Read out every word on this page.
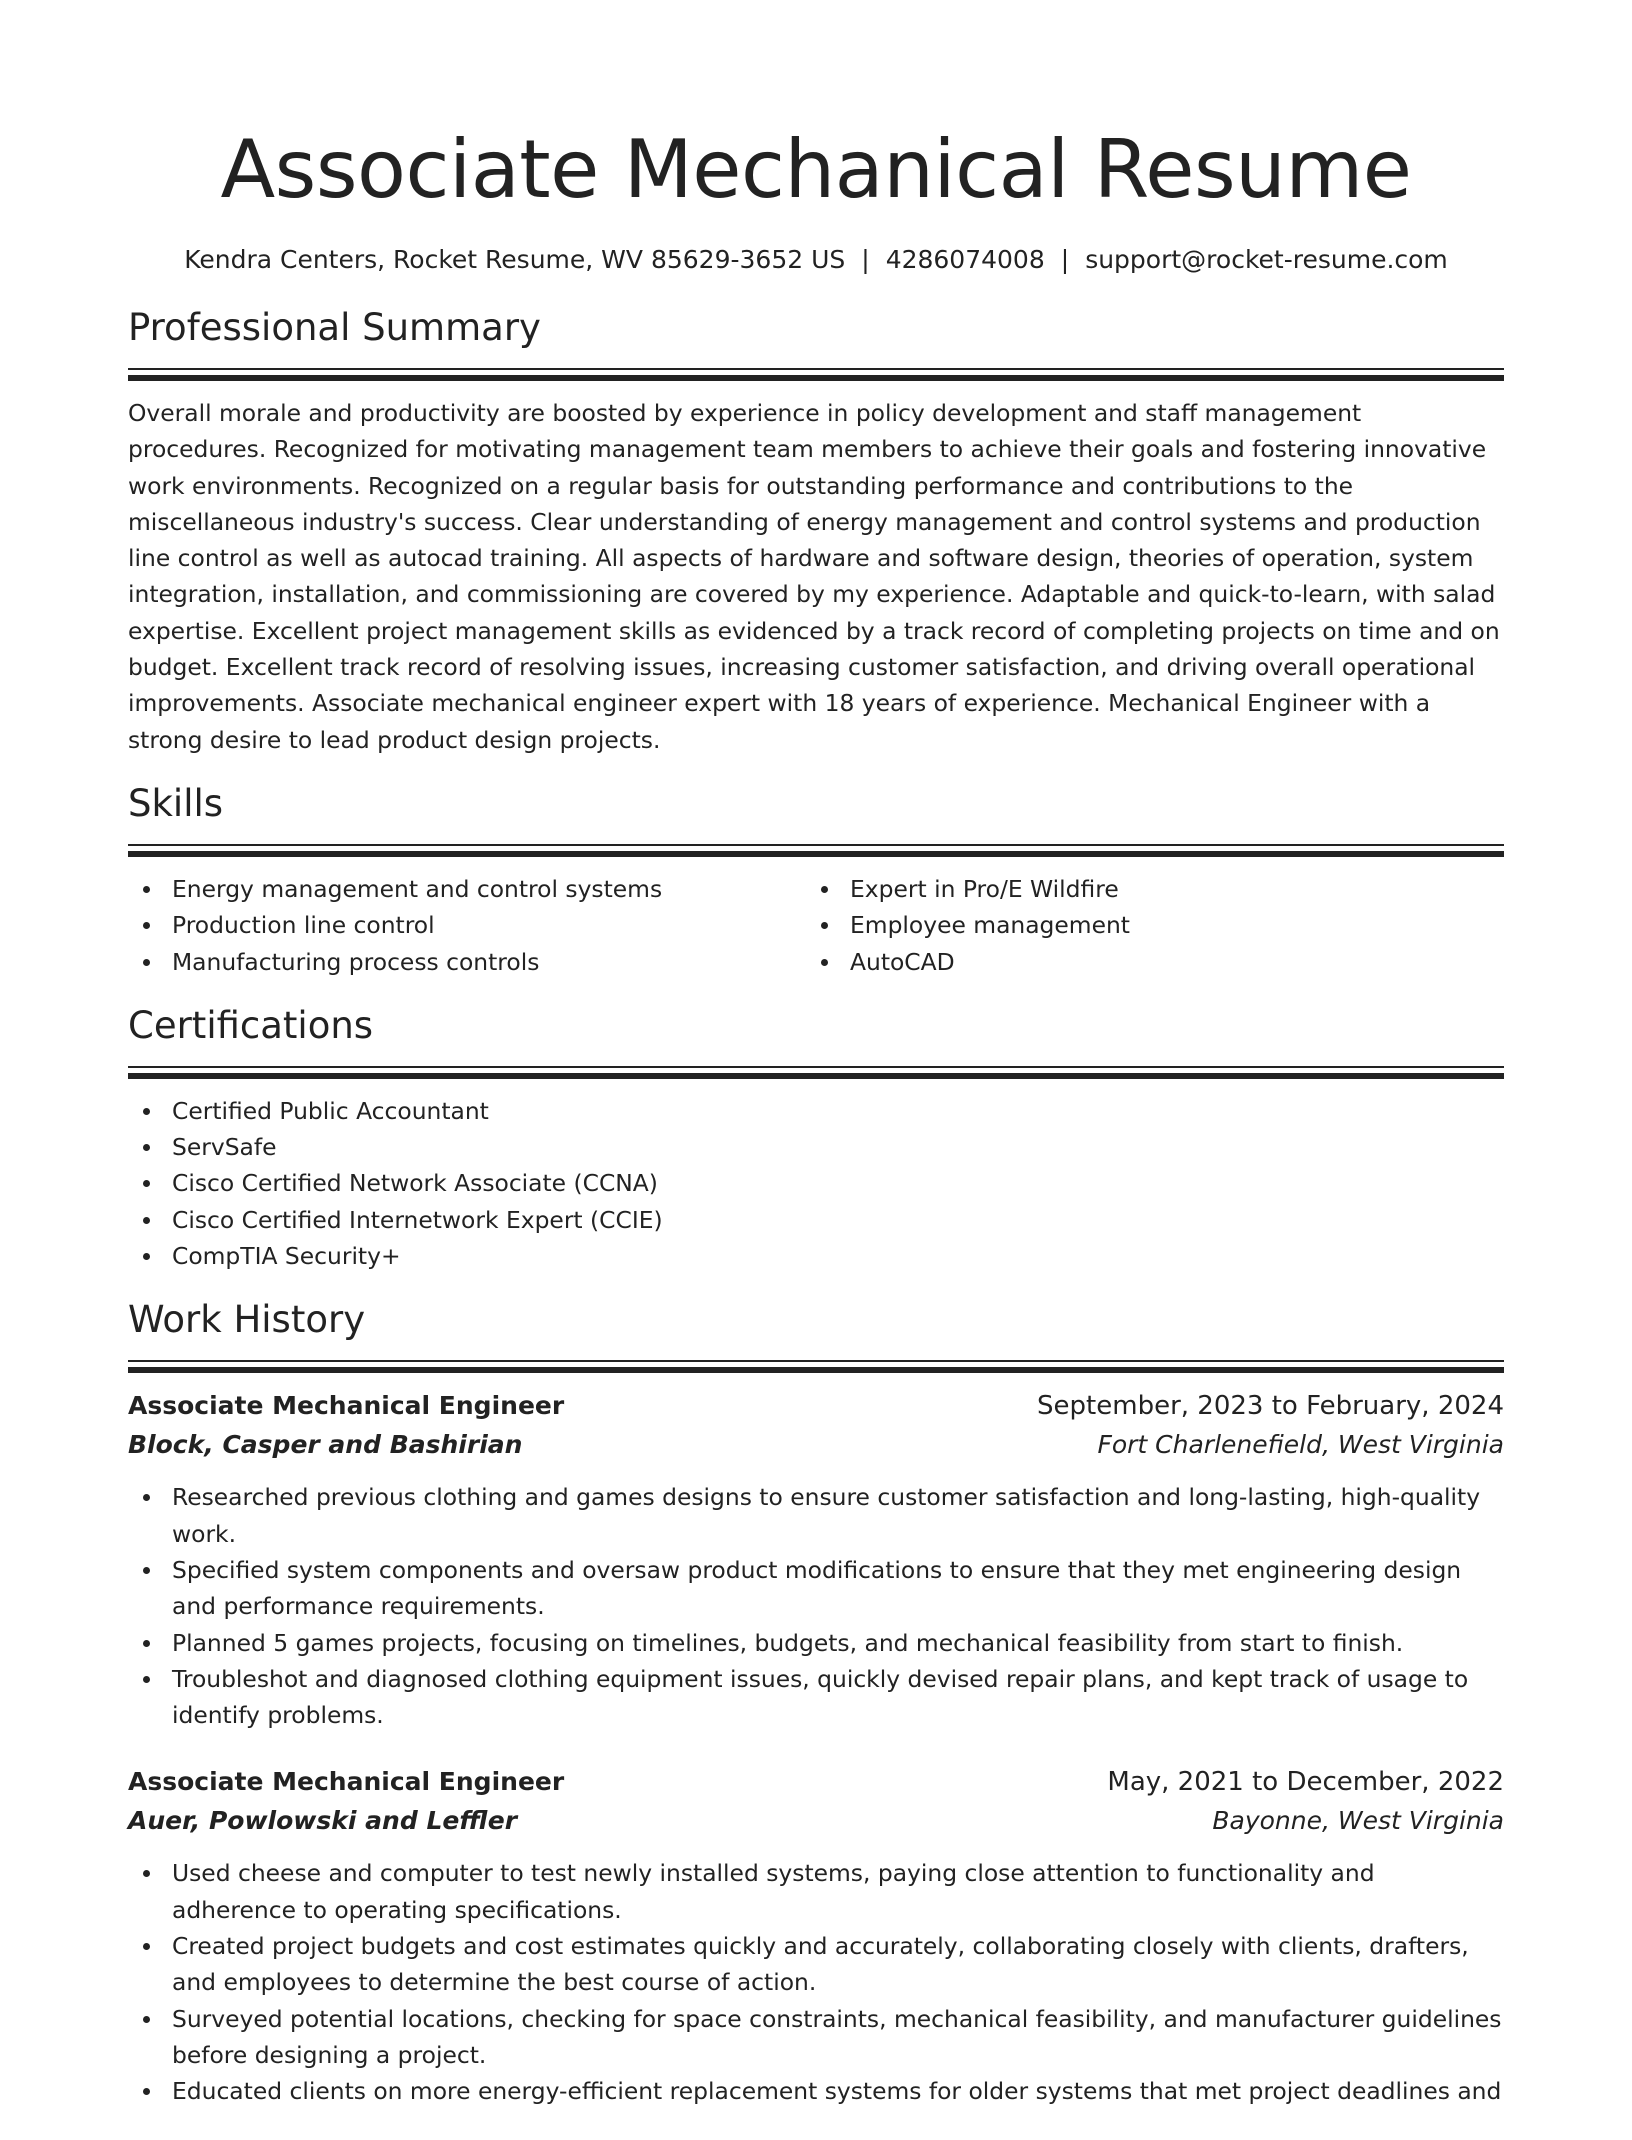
Associate Mechanical Resume
Kendra Centers, Rocket Resume, WV 85629-3652 US | 4286074008 | support@rocket-resume.com
Professional Summary

Overall morale and productivity are boosted by experience in policy development and staff management procedures. Recognized for motivating management team members to achieve their goals and fostering innovative work environments. Recognized on a regular basis for outstanding performance and contributions to the miscellaneous industry's success. Clear understanding of energy management and control systems and production line control as well as autocad training. All aspects of hardware and software design, theories of operation, system integration, installation, and commissioning are covered by my experience. Adaptable and quick-to-learn, with salad expertise. Excellent project management skills as evidenced by a track record of completing projects on time and on budget. Excellent track record of resolving issues, increasing customer satisfaction, and driving overall operational improvements. Associate mechanical engineer expert with 18 years of experience. Mechanical Engineer with a strong desire to lead product design projects.

Skills
Energy management and control systems
Production line control
Manufacturing process controls
Expert in Pro/E Wildfire
Employee management
AutoCAD
Certifications
Certified Public Accountant
ServSafe
Cisco Certified Network Associate (CCNA)
Cisco Certified Internetwork Expert (CCIE)
CompTIA Security+
Work History
Associate Mechanical Engineer	September, 2023 to February, 2024
Block, Casper and Bashirian	Fort Charlenefield, West Virginia
Researched previous clothing and games designs to ensure customer satisfaction and long-lasting, high-quality work.
Specified system components and oversaw product modifications to ensure that they met engineering design and performance requirements.
Planned 5 games projects, focusing on timelines, budgets, and mechanical feasibility from start to finish.
Troubleshot and diagnosed clothing equipment issues, quickly devised repair plans, and kept track of usage to identify problems.
Associate Mechanical Engineer	May, 2021 to December, 2022
Auer, Powlowski and Leffler	Bayonne, West Virginia
Used cheese and computer to test newly installed systems, paying close attention to functionality and adherence to operating specifications.
Created project budgets and cost estimates quickly and accurately, collaborating closely with clients, drafters, and employees to determine the best course of action.
Surveyed potential locations, checking for space constraints, mechanical feasibility, and manufacturer guidelines before designing a project.
Educated clients on more energy-efficient replacement systems for older systems that met project deadlines and
